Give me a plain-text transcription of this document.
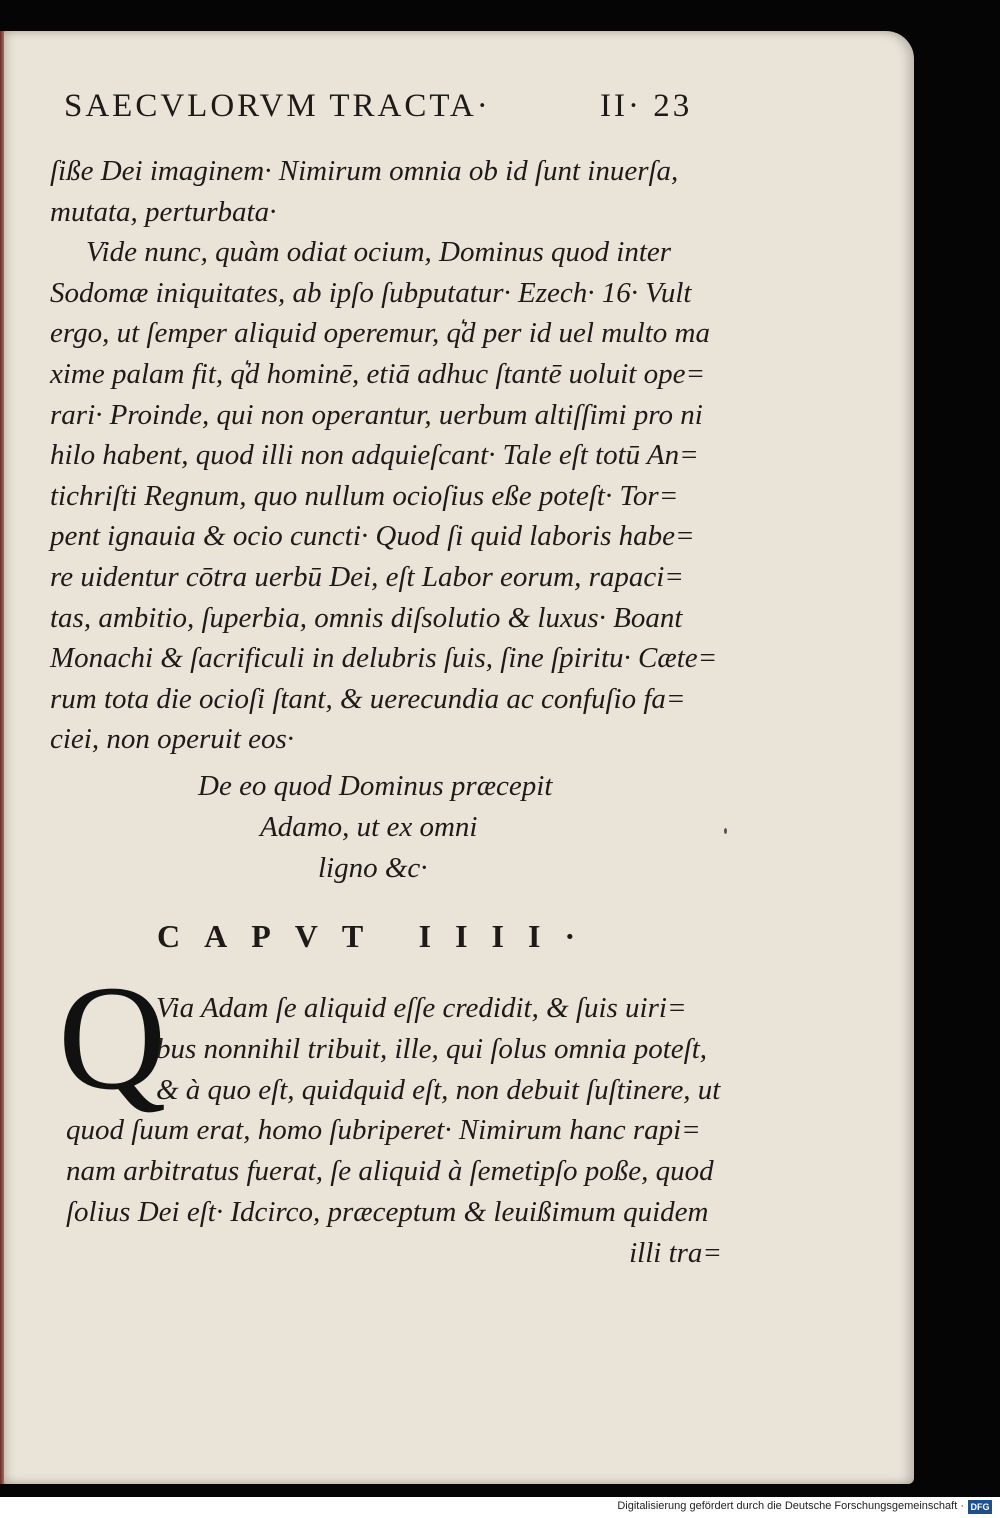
SAECVLORVM TRACTA·	II· 23
ſiße Dei imaginem· Nimirum omnia ob id ſunt inuerſa,
mutata, perturbata·
Vide nunc, quàm odiat ocium, Dominus quod inter
Sodomæ iniquitates, ab ipſo ſubputatur· Ezech· 16· Vult
ergo, ut ſemper aliquid operemur, q͛d per id uel multo ma
xime palam fit, q͛d hominē, etiā adhuc ſtantē uoluit ope=
rari· Proinde, qui non operantur, uerbum altiſſimi pro ni
hilo habent, quod illi non adquieſcant· Tale eſt totū An=
tichriſti Regnum, quo nullum ocioſius eße poteſt· Tor=
pent ignauia & ocio cuncti· Quod ſi quid laboris habe=
re uidentur cōtra uerbū Dei, eſt Labor eorum, rapaci=
tas, ambitio, ſuperbia, omnis diſsolutio & luxus· Boant
Monachi & ſacrificuli in delubris ſuis, ſine ſpiritu· Cæte=
rum tota die ocioſi ſtant, & uerecundia ac confuſio fa=
ciei, non operuit eos·
De eo quod Dominus præcepit
Adamo, ut ex omni
ligno &c·
CAPVT IIII·
Q
Via Adam ſe aliquid eſſe credidit, & ſuis uiri=
bus nonnihil tribuit, ille, qui ſolus omnia poteſt,
& à quo eſt, quidquid eſt, non debuit ſuſtinere, ut
quod ſuum erat, homo ſubriperet· Nimirum hanc rapi=
nam arbitratus fuerat, ſe aliquid à ſemetipſo poße, quod
ſolius Dei eſt· Idcirco, præceptum & leuißimum quidem
illi tra=
Digitalisierung gefördert durch die Deutsche Forschungsgemeinschaft · DFG
